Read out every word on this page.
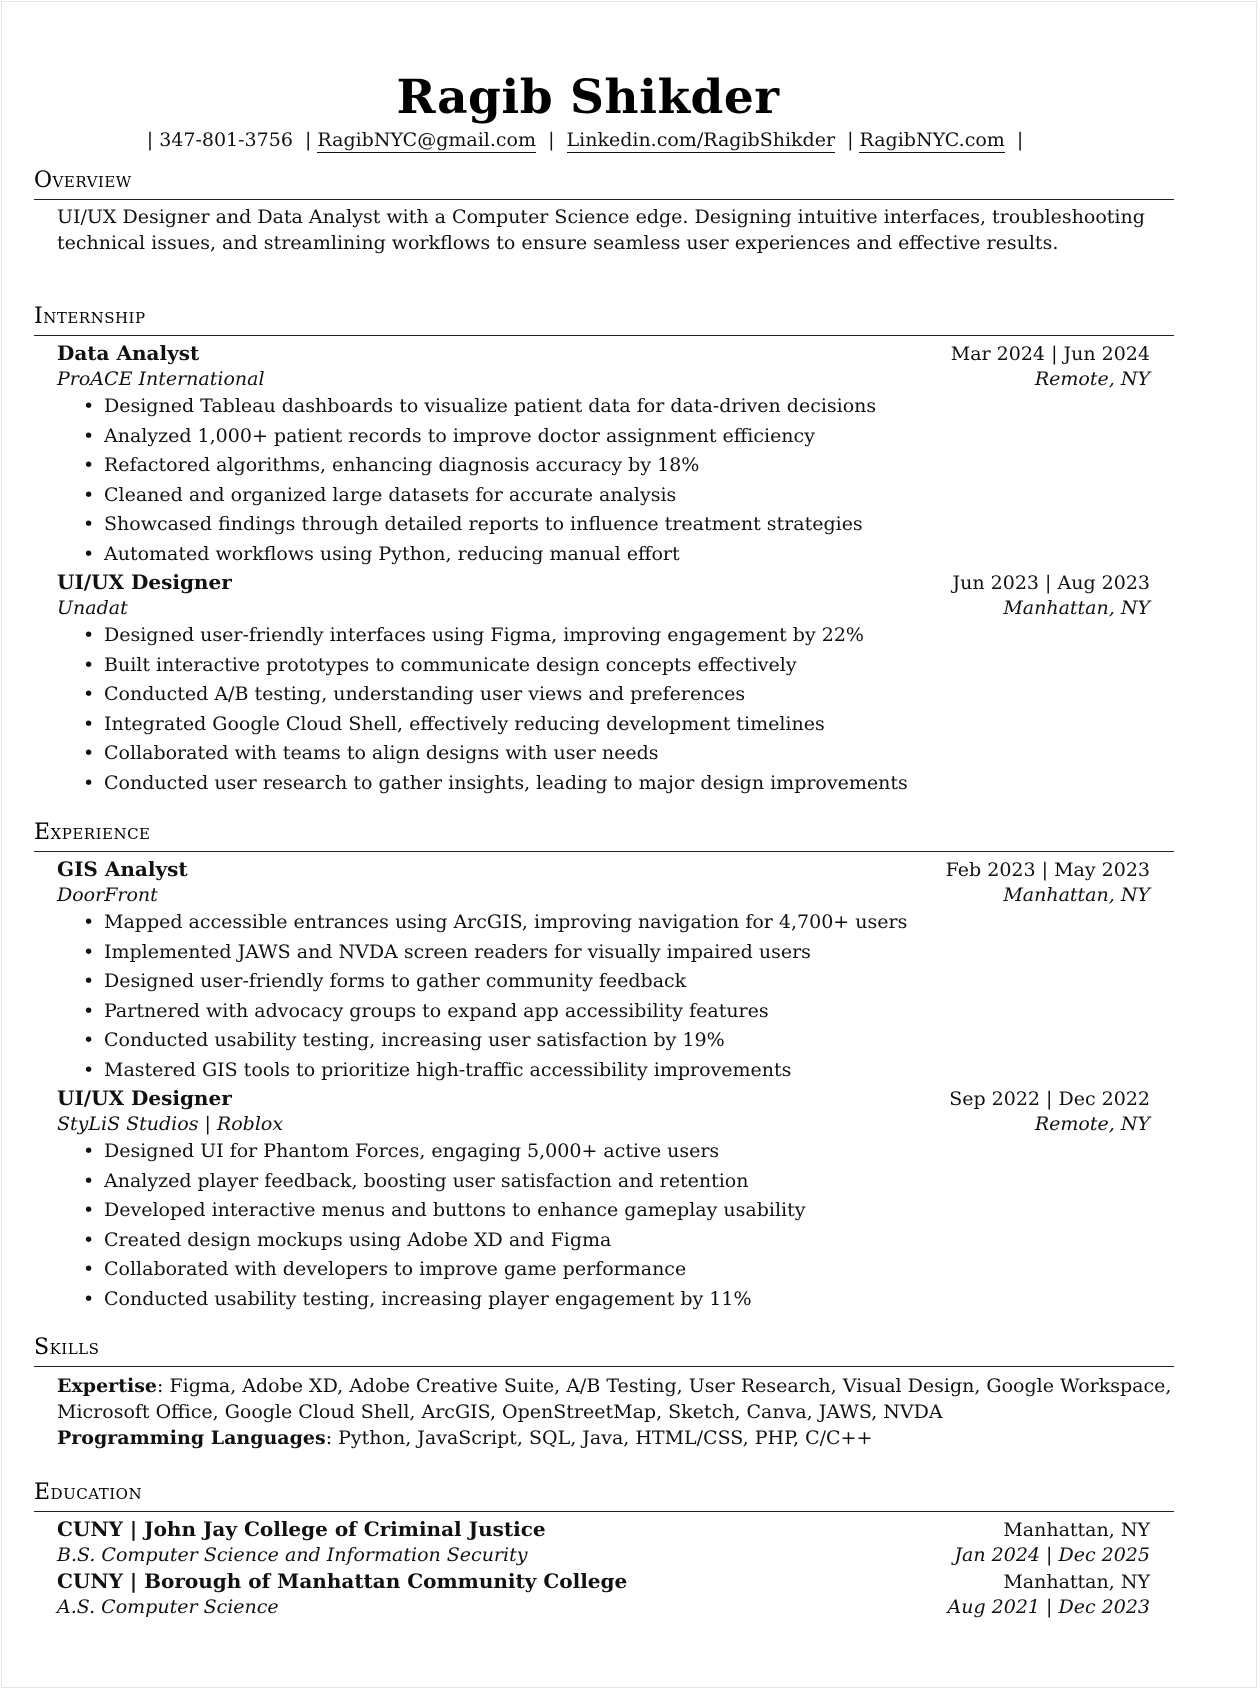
Ragib Shikder
| 347-801-3756 | RagibNYC@gmail.com | Linkedin.com/RagibShikder | RagibNYC.com |
Overview
UI/UX Designer and Data Analyst with a Computer Science edge. Designing intuitive interfaces, troubleshooting technical issues, and streamlining workflows to ensure seamless user experiences and effective results.
Internship
Data Analyst	Mar 2024 | Jun 2024
ProACE International	Remote, NY
• Designed Tableau dashboards to visualize patient data for data-driven decisions
• Analyzed 1,000+ patient records to improve doctor assignment efficiency
• Refactored algorithms, enhancing diagnosis accuracy by 18%
• Cleaned and organized large datasets for accurate analysis
• Showcased findings through detailed reports to influence treatment strategies
• Automated workflows using Python, reducing manual effort
UI/UX Designer	Jun 2023 | Aug 2023
Unadat	Manhattan, NY
• Designed user-friendly interfaces using Figma, improving engagement by 22%
• Built interactive prototypes to communicate design concepts effectively
• Conducted A/B testing, understanding user views and preferences
• Integrated Google Cloud Shell, effectively reducing development timelines
• Collaborated with teams to align designs with user needs
• Conducted user research to gather insights, leading to major design improvements
Experience
GIS Analyst	Feb 2023 | May 2023
DoorFront	Manhattan, NY
• Mapped accessible entrances using ArcGIS, improving navigation for 4,700+ users
• Implemented JAWS and NVDA screen readers for visually impaired users
• Designed user-friendly forms to gather community feedback
• Partnered with advocacy groups to expand app accessibility features
• Conducted usability testing, increasing user satisfaction by 19%
• Mastered GIS tools to prioritize high-traffic accessibility improvements
UI/UX Designer	Sep 2022 | Dec 2022
StyLiS Studios | Roblox	Remote, NY
• Designed UI for Phantom Forces, engaging 5,000+ active users
• Analyzed player feedback, boosting user satisfaction and retention
• Developed interactive menus and buttons to enhance gameplay usability
• Created design mockups using Adobe XD and Figma
• Collaborated with developers to improve game performance
• Conducted usability testing, increasing player engagement by 11%
Skills
Expertise: Figma, Adobe XD, Adobe Creative Suite, A/B Testing, User Research, Visual Design, Google Workspace, Microsoft Office, Google Cloud Shell, ArcGIS, OpenStreetMap, Sketch, Canva, JAWS, NVDA
Programming Languages: Python, JavaScript, SQL, Java, HTML/CSS, PHP, C/C++
Education
CUNY | John Jay College of Criminal Justice	Manhattan, NY
B.S. Computer Science and Information Security	Jan 2024 | Dec 2025
CUNY | Borough of Manhattan Community College	Manhattan, NY
A.S. Computer Science	Aug 2021 | Dec 2023
